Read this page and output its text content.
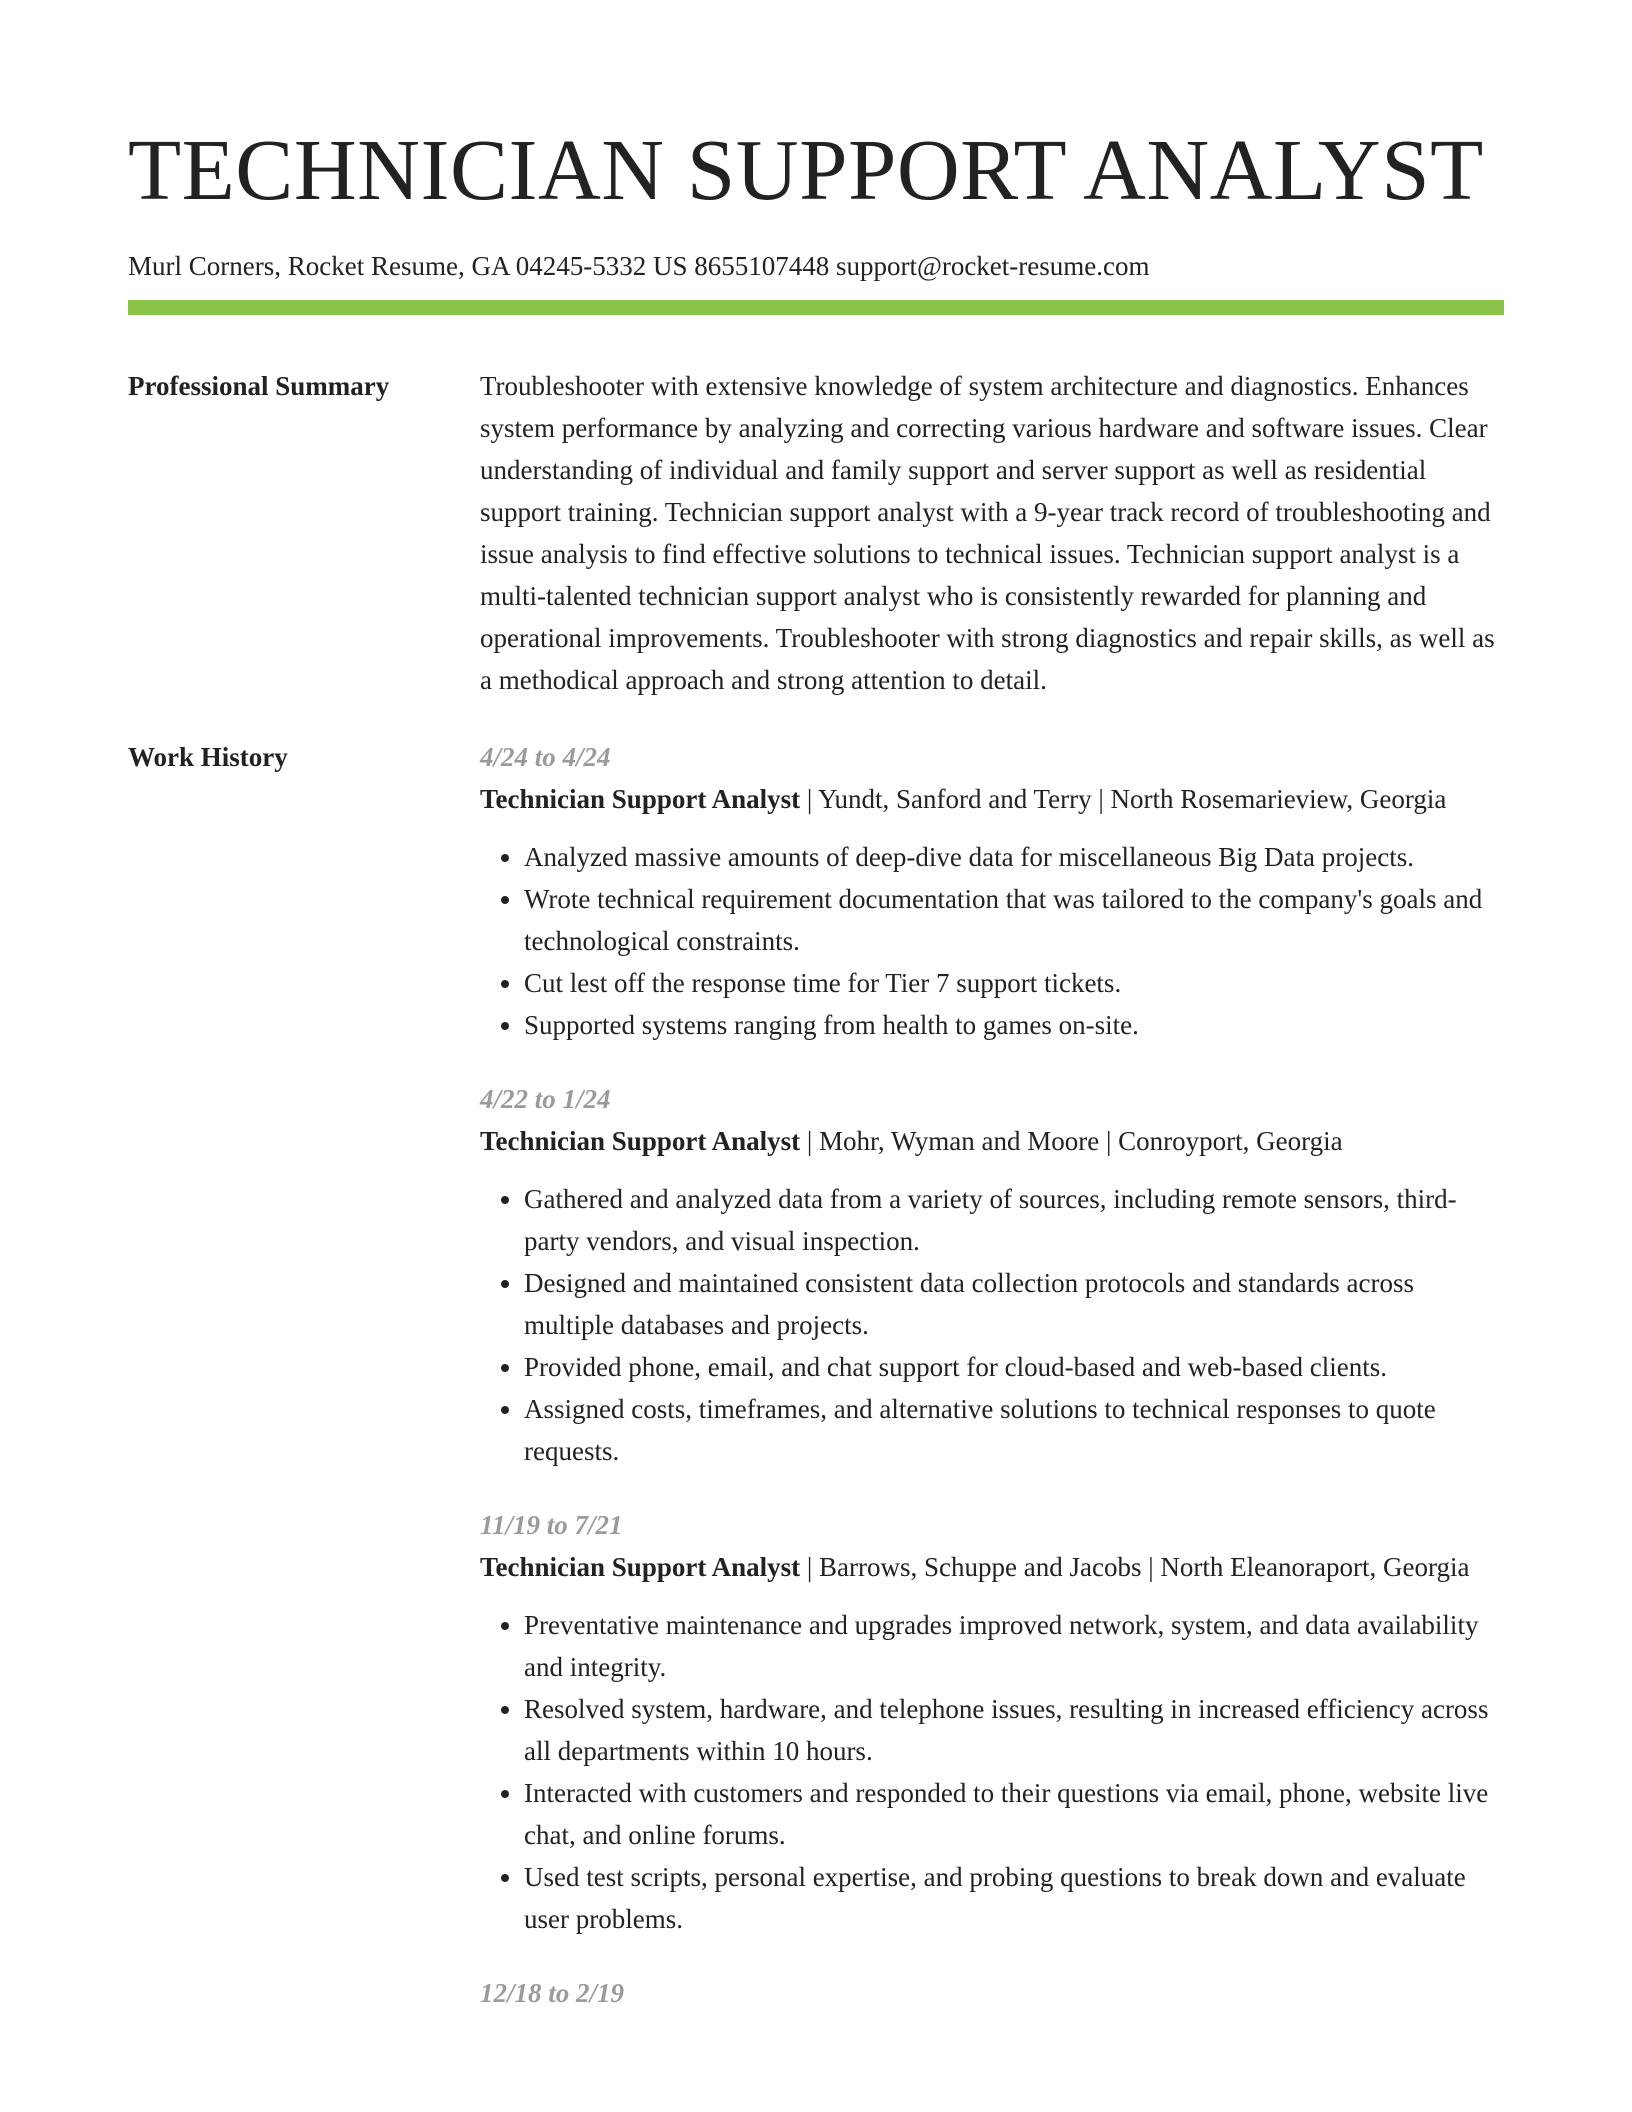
TECHNICIAN SUPPORT ANALYST
Murl Corners, Rocket Resume, GA 04245-5332 US 8655107448 support@rocket-resume.com
Professional Summary	Troubleshooter with extensive knowledge of system architecture and diagnostics. Enhances system performance by analyzing and correcting various hardware and software issues. Clear understanding of individual and family support and server support as well as residential support training. Technician support analyst with a 9-year track record of troubleshooting and issue analysis to find effective solutions to technical issues. Technician support analyst is a multi-talented technician support analyst who is consistently rewarded for planning and operational improvements. Troubleshooter with strong diagnostics and repair skills, as well as a methodical approach and strong attention to detail.

Work History	4/24 to 4/24
Technician Support Analyst | Yundt, Sanford and Terry | North Rosemarieview, Georgia
• Analyzed massive amounts of deep-dive data for miscellaneous Big Data projects.
• Wrote technical requirement documentation that was tailored to the company's goals and technological constraints.
• Cut lest off the response time for Tier 7 support tickets.
• Supported systems ranging from health to games on-site.
4/22 to 1/24
Technician Support Analyst | Mohr, Wyman and Moore | Conroyport, Georgia
• Gathered and analyzed data from a variety of sources, including remote sensors, third-party vendors, and visual inspection.
• Designed and maintained consistent data collection protocols and standards across multiple databases and projects.
• Provided phone, email, and chat support for cloud-based and web-based clients.
• Assigned costs, timeframes, and alternative solutions to technical responses to quote requests.
11/19 to 7/21
Technician Support Analyst | Barrows, Schuppe and Jacobs | North Eleanoraport, Georgia
• Preventative maintenance and upgrades improved network, system, and data availability and integrity.
• Resolved system, hardware, and telephone issues, resulting in increased efficiency across all departments within 10 hours.
• Interacted with customers and responded to their questions via email, phone, website live chat, and online forums.
• Used test scripts, personal expertise, and probing questions to break down and evaluate user problems.
12/18 to 2/19
